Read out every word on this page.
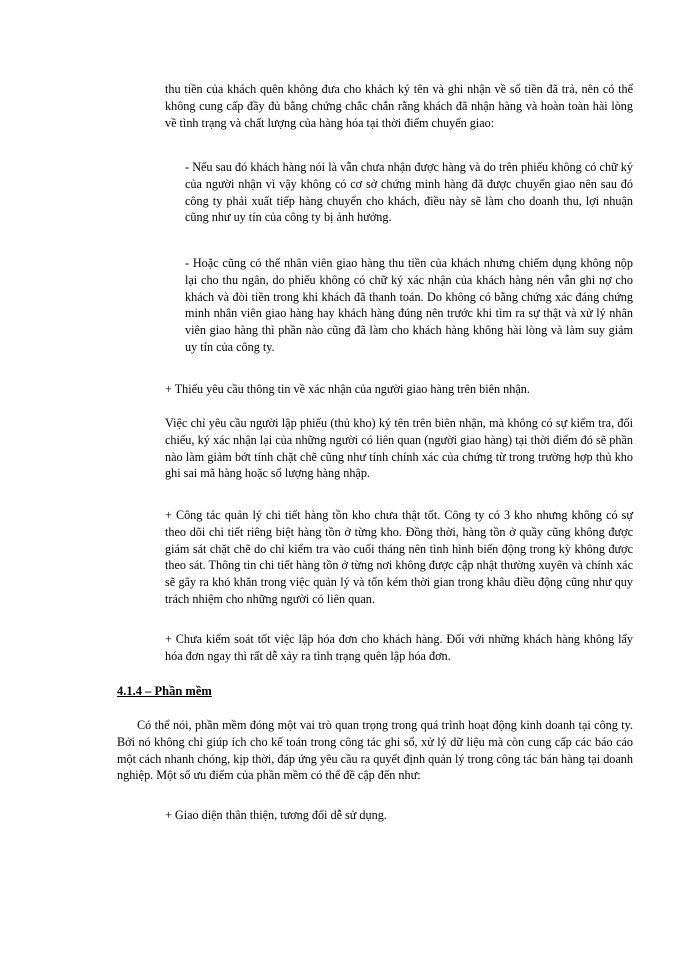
thu tiền của khách quên không đưa cho khách ký tên và ghi nhận về số tiền đã trả, nên có thể không cung cấp đầy đủ bằng chứng chắc chắn rằng khách đã nhận hàng và hoàn toàn hài lòng về tình trạng và chất lượng của hàng hóa tại thời điểm chuyển giao:

- Nếu sau đó khách hàng nói là vẫn chưa nhận được hàng và do trên phiếu không có chữ ký của người nhận vì vậy không có cơ sở chứng minh hàng đã được chuyển giao nên sau đó công ty phải xuất tiếp hàng chuyển cho khách, điều này sẽ làm cho doanh thu, lợi nhuận cũng như uy tín của công ty bị ảnh hưởng.

- Hoặc cũng có thể nhân viên giao hàng thu tiền của khách nhưng chiếm dụng không nộp lại cho thu ngân, do phiếu không có chữ ký xác nhận của khách hàng nên vẫn ghi nợ cho khách và đòi tiền trong khi khách đã thanh toán. Do không có bằng chứng xác đáng chứng minh nhân viên giao hàng hay khách hàng đúng nên trước khi tìm ra sự thật và xử lý nhân viên giao hàng thì phần nào cũng đã làm cho khách hàng không hài lòng và làm suy giảm uy tín của công ty.

+ Thiếu yêu cầu thông tin về xác nhận của người giao hàng trên biên nhận.

Việc chỉ yêu cầu người lập phiếu (thủ kho) ký tên trên biên nhận, mà không có sự kiểm tra, đối chiếu, ký xác nhận lại của những người có liên quan (người giao hàng) tại thời điểm đó sẽ phần nào làm giảm bớt tính chặt chẽ cũng như tính chính xác của chứng từ trong trường hợp thủ kho ghi sai mã hàng hoặc số lượng hàng nhập.

+ Công tác quản lý chi tiết hàng tồn kho chưa thật tốt. Công ty có 3 kho nhưng không có sự theo dõi chi tiết riêng biệt hàng tồn ở từng kho. Đồng thời, hàng tồn ở quầy cũng không được giám sát chặt chẽ do chỉ kiểm tra vào cuối tháng nên tình hình biến động trong kỳ không được theo sát. Thông tin chi tiết hàng tồn ở từng nơi không được cập nhật thường xuyên và chính xác sẽ gây ra khó khăn trong việc quản lý và tốn kém thời gian trong khâu điều động cũng như quy trách nhiệm cho những người có liên quan.

+ Chưa kiểm soát tốt việc lập hóa đơn cho khách hàng. Đối với những khách hàng không lấy hóa đơn ngay thì rất dễ xảy ra tình trạng quên lập hóa đơn.

4.1.4 – Phần mềm

Có thể nói, phần mềm đóng một vai trò quan trọng trong quá trình hoạt động kinh doanh tại công ty. Bởi nó không chỉ giúp ích cho kế toán trong công tác ghi sổ, xử lý dữ liệu mà còn cung cấp các báo cáo một cách nhanh chóng, kịp thời, đáp ứng yêu cầu ra quyết định quản lý trong công tác bán hàng tại doanh nghiệp. Một số ưu điểm của phần mềm có thể đề cập đến như:

+ Giao diện thân thiện, tương đối dễ sử dụng.
